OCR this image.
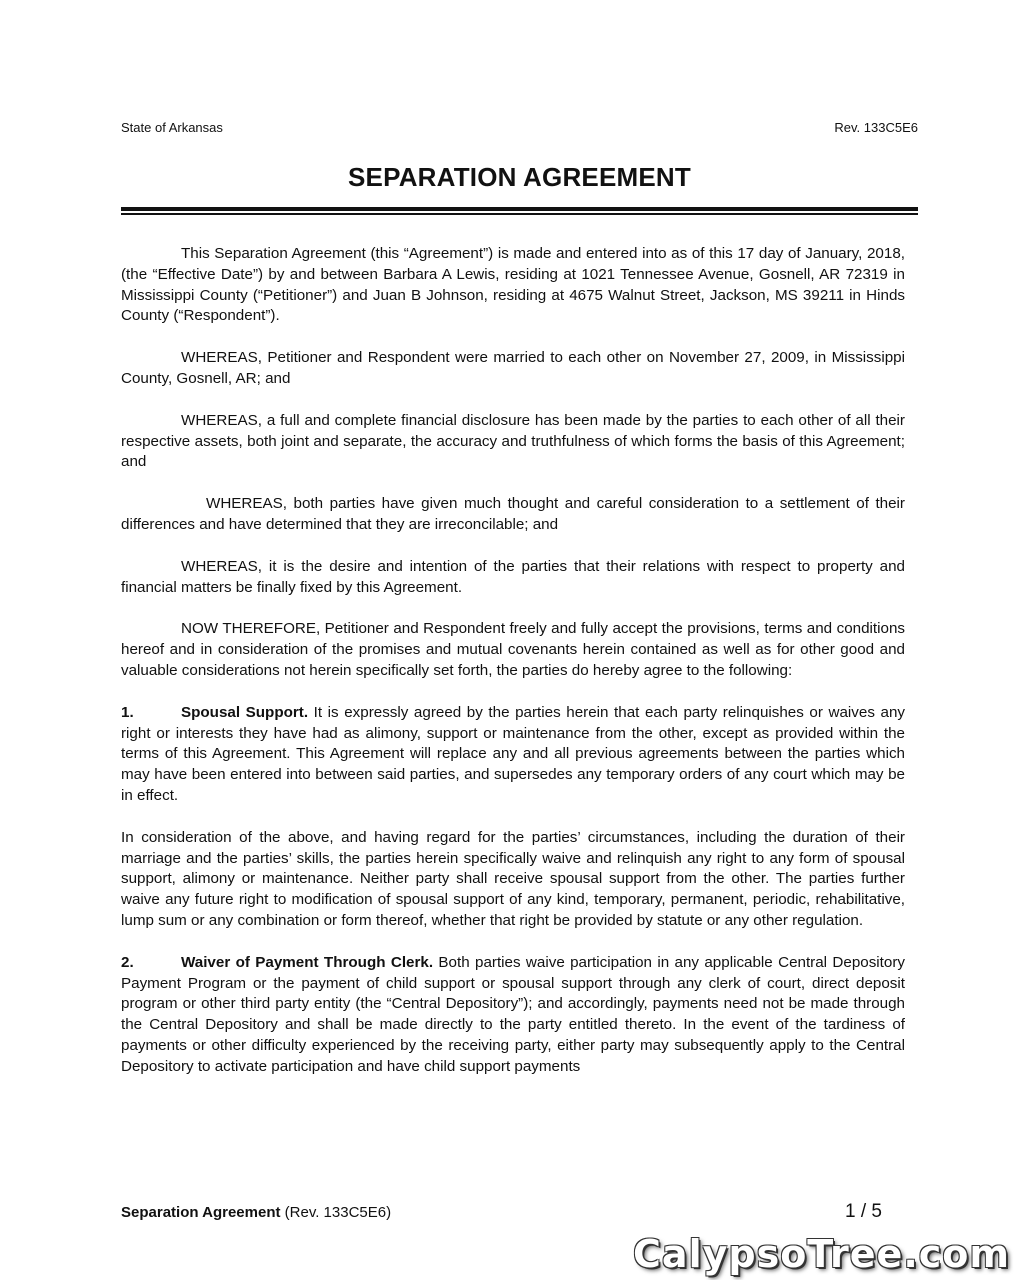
State of Arkansas	Rev. 133C5E6
SEPARATION AGREEMENT

This Separation Agreement (this “Agreement”) is made and entered into as of this 17 day of January, 2018, (the “Effective Date”) by and between Barbara A Lewis, residing at 1021 Tennessee Avenue, Gosnell, AR 72319 in Mississippi County (“Petitioner”) and Juan B Johnson, residing at 4675 Walnut Street, Jackson, MS 39211 in Hinds County (“Respondent”).

WHEREAS, Petitioner and Respondent were married to each other on November 27, 2009, in Mississippi County, Gosnell, AR; and

WHEREAS, a full and complete financial disclosure has been made by the parties to each other of all their respective assets, both joint and separate, the accuracy and truthfulness of which forms the basis of this Agreement; and

WHEREAS, both parties have given much thought and careful consideration to a settlement of their differences and have determined that they are irreconcilable; and

WHEREAS, it is the desire and intention of the parties that their relations with respect to property and financial matters be finally fixed by this Agreement.

NOW THEREFORE, Petitioner and Respondent freely and fully accept the provisions, terms and conditions hereof and in consideration of the promises and mutual covenants herein contained as well as for other good and valuable considerations not herein specifically set forth, the parties do hereby agree to the following:

1.	Spousal Support. It is expressly agreed by the parties herein that each party relinquishes or waives any right or interests they have had as alimony, support or maintenance from the other, except as provided within the terms of this Agreement. This Agreement will replace any and all previous agreements between the parties which may have been entered into between said parties, and supersedes any temporary orders of any court which may be in effect.

In consideration of the above, and having regard for the parties’ circumstances, including the duration of their marriage and the parties’ skills, the parties herein specifically waive and relinquish any right to any form of spousal support, alimony or maintenance. Neither party shall receive spousal support from the other. The parties further waive any future right to modification of spousal support of any kind, temporary, permanent, periodic, rehabilitative, lump sum or any combination or form thereof, whether that right be provided by statute or any other regulation.

2.	Waiver of Payment Through Clerk. Both parties waive participation in any applicable Central Depository Payment Program or the payment of child support or spousal support through any clerk of court, direct deposit program or other third party entity (the “Central Depository”); and accordingly, payments need not be made through the Central Depository and shall be made directly to the party entitled thereto. In the event of the tardiness of payments or other difficulty experienced by the receiving party, either party may subsequently apply to the Central Depository to activate participation and have child support payments

Separation Agreement (Rev. 133C5E6)	1 / 5
CalypsoTree.com
